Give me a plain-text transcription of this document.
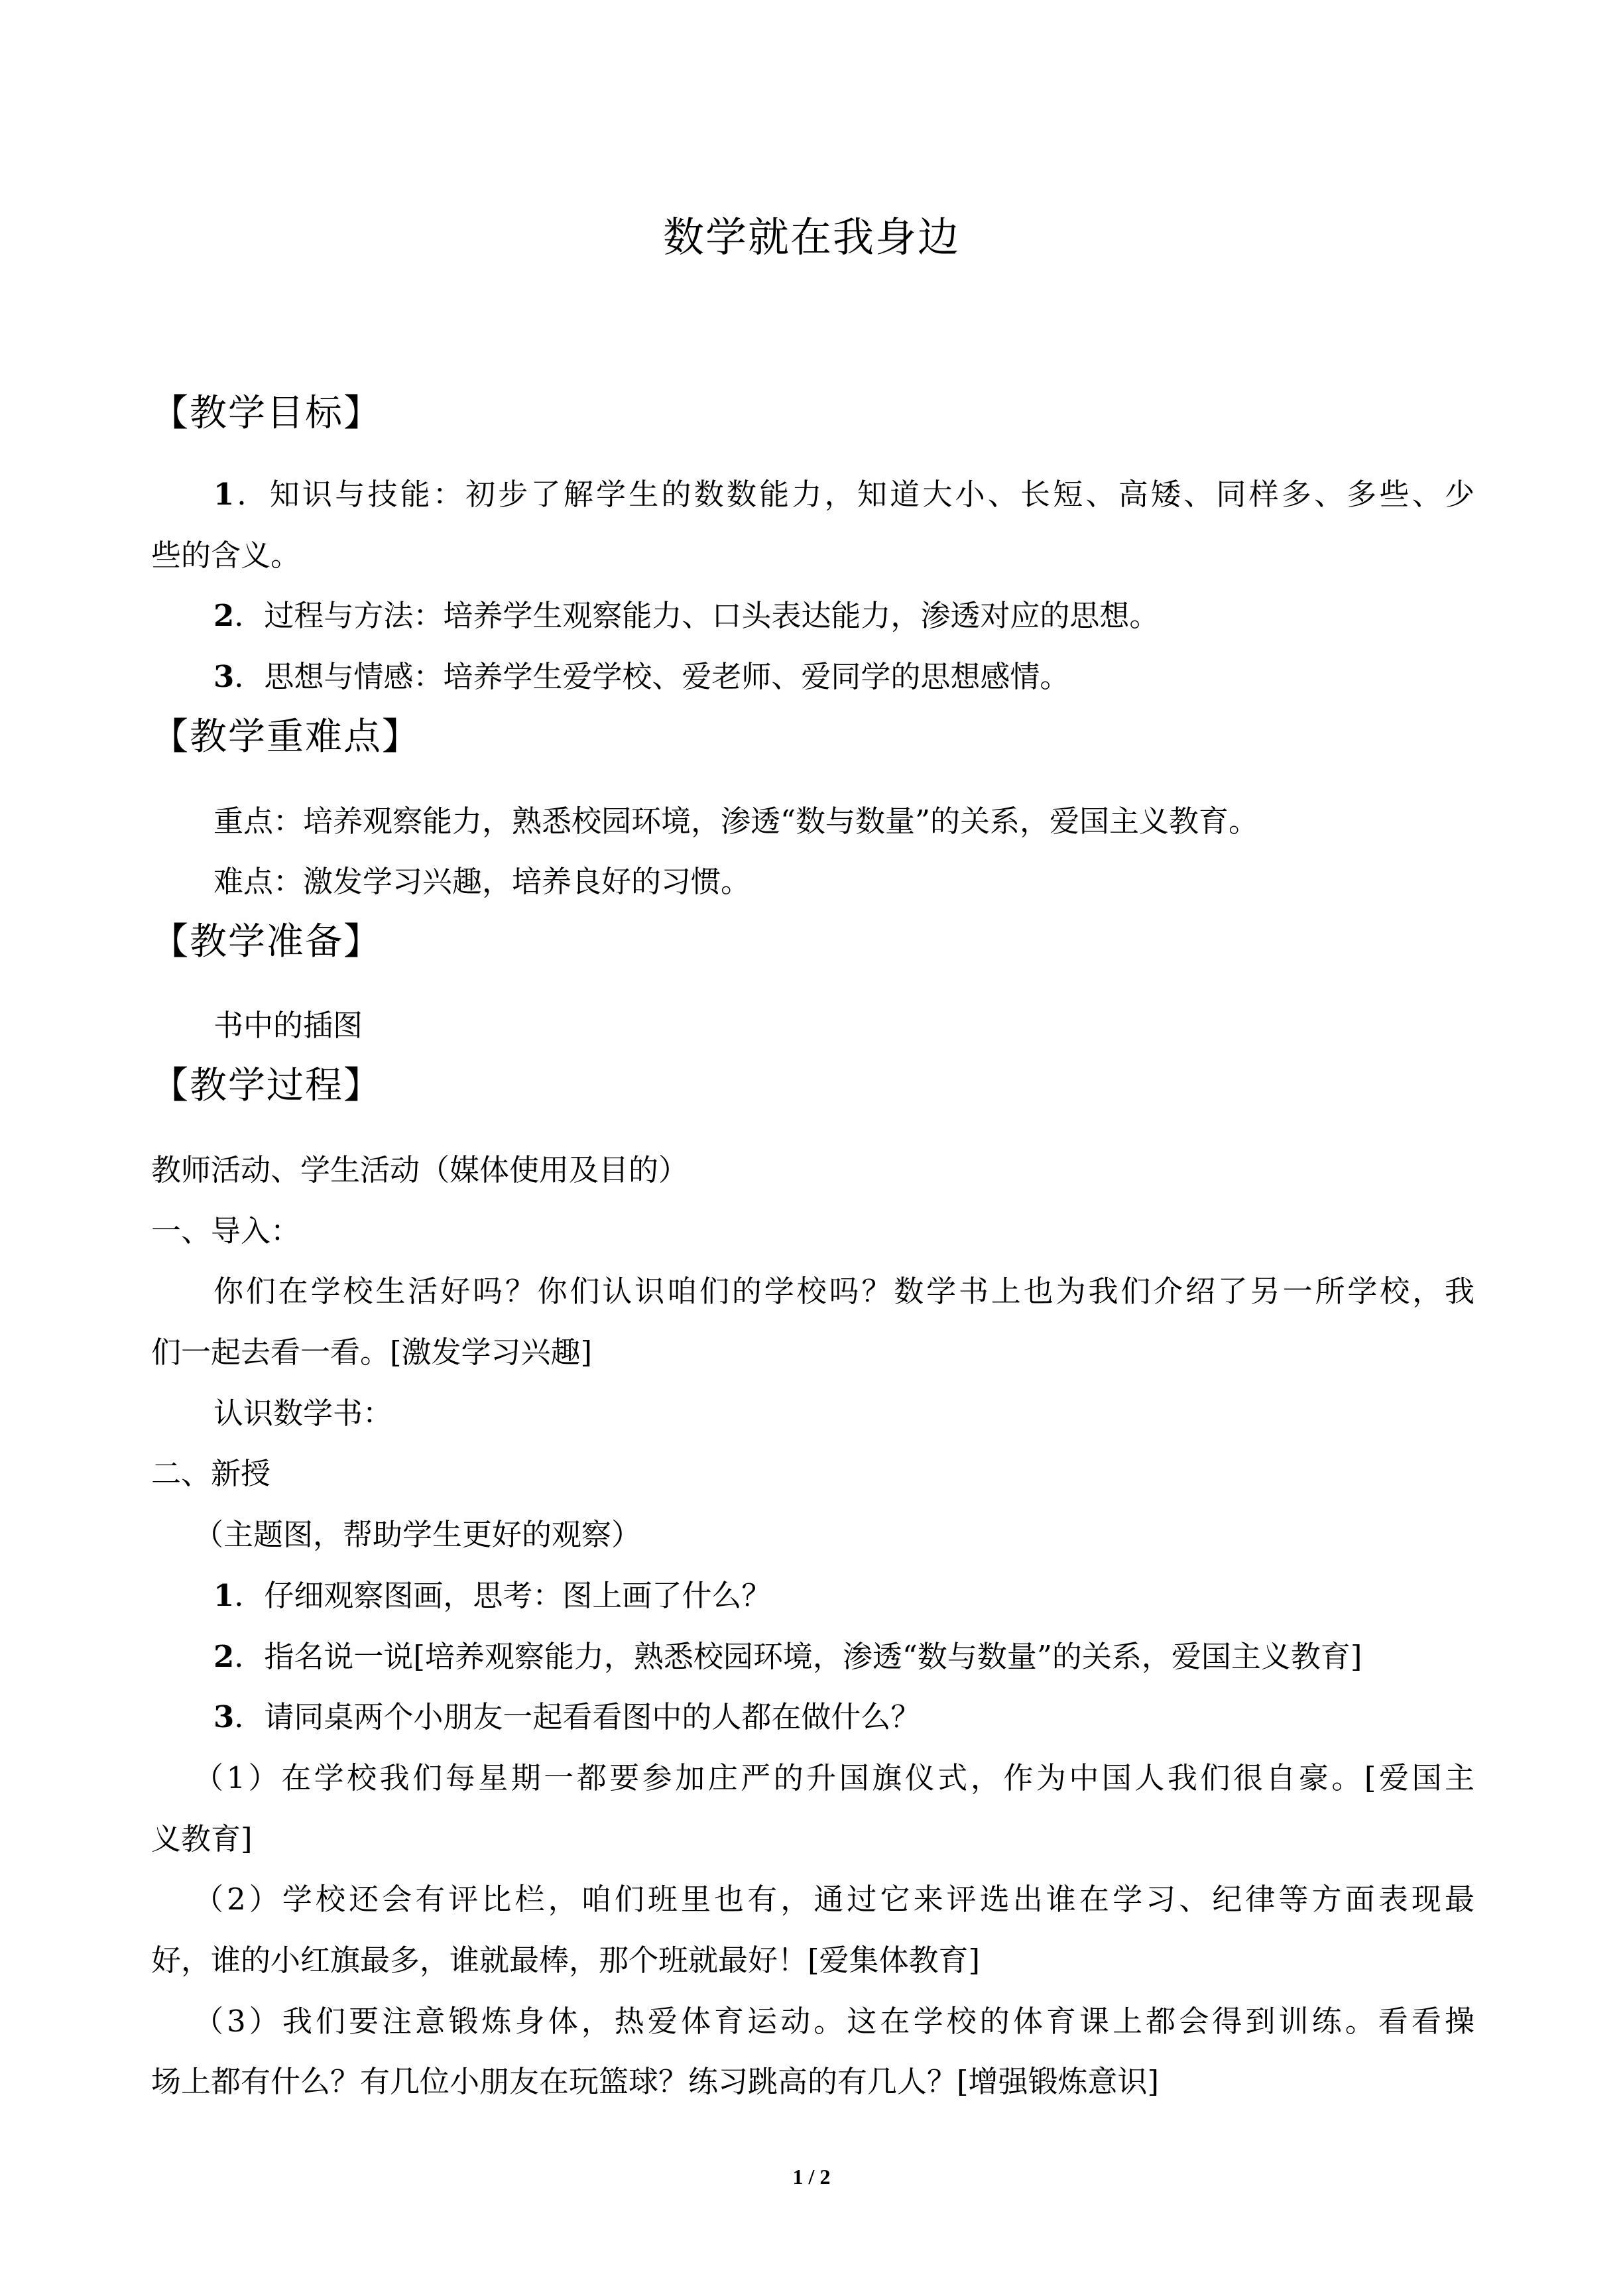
数学就在我身边
【教学目标】
1．知识与技能：初步了解学生的数数能力，知道大小、长短、高矮、同样多、多些、少
些的含义。
2．过程与方法：培养学生观察能力、口头表达能力，渗透对应的思想。
3．思想与情感：培养学生爱学校、爱老师、爱同学的思想感情。
【教学重难点】
重点：培养观察能力，熟悉校园环境，渗透“数与数量”的关系，爱国主义教育。
难点：激发学习兴趣，培养良好的习惯。
【教学准备】
书中的插图
【教学过程】
教师活动、学生活动（媒体使用及目的）
一、导入：
你们在学校生活好吗？你们认识咱们的学校吗？数学书上也为我们介绍了另一所学校，我
们一起去看一看。[激发学习兴趣]
认识数学书：
二、新授
（主题图，帮助学生更好的观察）
1．仔细观察图画，思考：图上画了什么？
2．指名说一说[培养观察能力，熟悉校园环境，渗透“数与数量”的关系，爱国主义教育]
3．请同桌两个小朋友一起看看图中的人都在做什么？
（1）在学校我们每星期一都要参加庄严的升国旗仪式，作为中国人我们很自豪。[爱国主
义教育]
（2）学校还会有评比栏，咱们班里也有，通过它来评选出谁在学习、纪律等方面表现最
好，谁的小红旗最多，谁就最棒，那个班就最好！[爱集体教育]
（3）我们要注意锻炼身体，热爱体育运动。这在学校的体育课上都会得到训练。看看操
场上都有什么？有几位小朋友在玩篮球？练习跳高的有几人？[增强锻炼意识]
1 / 2
